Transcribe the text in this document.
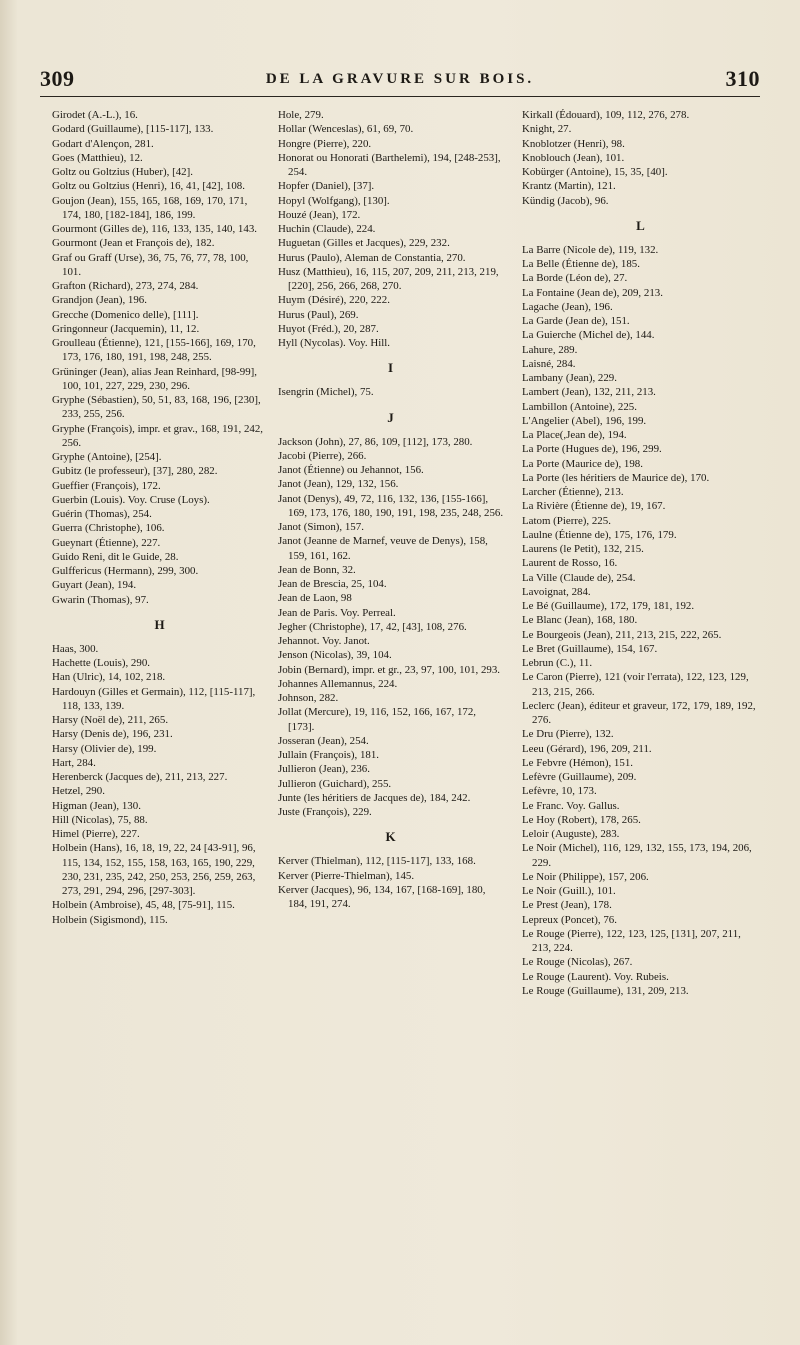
309	DE LA GRAVURE SUR BOIS.	310

Girodet (A.-L.), 16.

Godard (Guillaume), [115-117], 133.

Godart d'Alençon, 281.

Goes (Matthieu), 12.

Goltz ou Goltzius (Huber), [42].

Goltz ou Goltzius (Henri), 16, 41, [42], 108.

Goujon (Jean), 155, 165, 168, 169, 170, 171, 174, 180, [182-184], 186, 199.

Gourmont (Gilles de), 116, 133, 135, 140, 143.

Gourmont (Jean et François de), 182.

Graf ou Graff (Urse), 36, 75, 76, 77, 78, 100, 101.

Grafton (Richard), 273, 274, 284.

Grandjon (Jean), 196.

Grecche (Domenico delle), [111].

Gringonneur (Jacquemin), 11, 12.

Groulleau (Étienne), 121, [155-166], 169, 170, 173, 176, 180, 191, 198, 248, 255.

Grüninger (Jean), alias Jean Reinhard, [98-99], 100, 101, 227, 229, 230, 296.

Gryphe (Sébastien), 50, 51, 83, 168, 196, [230], 233, 255, 256.

Gryphe (François), impr. et grav., 168, 191, 242, 256.

Gryphe (Antoine), [254].

Gubitz (le professeur), [37], 280, 282.

Gueffier (François), 172.

Guerbin (Louis). Voy. Cruse (Loys).

Guérin (Thomas), 254.

Guerra (Christophe), 106.

Gueynart (Étienne), 227.

Guido Reni, dit le Guide, 28.

Gulffericus (Hermann), 299, 300.

Guyart (Jean), 194.

Gwarin (Thomas), 97.

H

Haas, 300.

Hachette (Louis), 290.

Han (Ulric), 14, 102, 218.

Hardouyn (Gilles et Germain), 112, [115-117], 118, 133, 139.

Harsy (Noël de), 211, 265.

Harsy (Denis de), 196, 231.

Harsy (Olivier de), 199.

Hart, 284.

Herenberck (Jacques de), 211, 213, 227.

Hetzel, 290.

Higman (Jean), 130.

Hill (Nicolas), 75, 88.

Himel (Pierre), 227.

Holbein (Hans), 16, 18, 19, 22, 24 [43-91], 96, 115, 134, 152, 155, 158, 163, 165, 190, 229, 230, 231, 235, 242, 250, 253, 256, 259, 263, 273, 291, 294, 296, [297-303].

Holbein (Ambroise), 45, 48, [75-91], 115.

Holbein (Sigismond), 115.

Hole, 279.

Hollar (Wenceslas), 61, 69, 70.

Hongre (Pierre), 220.

Honorat ou Honorati (Barthelemi), 194, [248-253], 254.

Hopfer (Daniel), [37].

Hopyl (Wolfgang), [130].

Houzé (Jean), 172.

Huchin (Claude), 224.

Huguetan (Gilles et Jacques), 229, 232.

Hurus (Paulo), Aleman de Constantia, 270.

Husz (Matthieu), 16, 115, 207, 209, 211, 213, 219, [220], 256, 266, 268, 270.

Huym (Désiré), 220, 222.

Hurus (Paul), 269.

Huyot (Fréd.), 20, 287.

Hyll (Nycolas). Voy. Hill.

I

Isengrin (Michel), 75.

J

Jackson (John), 27, 86, 109, [112], 173, 280.

Jacobi (Pierre), 266.

Janot (Étienne) ou Jehannot, 156.

Janot (Jean), 129, 132, 156.

Janot (Denys), 49, 72, 116, 132, 136, [155-166], 169, 173, 176, 180, 190, 191, 198, 235, 248, 256.

Janot (Simon), 157.

Janot (Jeanne de Marnef, veuve de Denys), 158, 159, 161, 162.

Jean de Bonn, 32.

Jean de Brescia, 25, 104.

Jean de Laon, 98

Jean de Paris. Voy. Perreal.

Jegher (Christophe), 17, 42, [43], 108, 276.

Jehannot. Voy. Janot.

Jenson (Nicolas), 39, 104.

Jobin (Bernard), impr. et gr., 23, 97, 100, 101, 293.

Johannes Allemannus, 224.

Johnson, 282.

Jollat (Mercure), 19, 116, 152, 166, 167, 172, [173].

Josseran (Jean), 254.

Jullain (François), 181.

Jullieron (Jean), 236.

Jullieron (Guichard), 255.

Junte (les héritiers de Jacques de), 184, 242.

Juste (François), 229.

K

Kerver (Thielman), 112, [115-117], 133, 168.

Kerver (Pierre-Thielman), 145.

Kerver (Jacques), 96, 134, 167, [168-169], 180, 184, 191, 274.

Kirkall (Édouard), 109, 112, 276, 278.

Knight, 27.

Knoblotzer (Henri), 98.

Knoblouch (Jean), 101.

Kobürger (Antoine), 15, 35, [40].

Krantz (Martin), 121.

Kündig (Jacob), 96.

L

La Barre (Nicole de), 119, 132.

La Belle (Étienne de), 185.

La Borde (Léon de), 27.

La Fontaine (Jean de), 209, 213.

Lagache (Jean), 196.

La Garde (Jean de), 151.

La Guierche (Michel de), 144.

Lahure, 289.

Laisné, 284.

Lambany (Jean), 229.

Lambert (Jean), 132, 211, 213.

Lambillon (Antoine), 225.

L'Angelier (Abel), 196, 199.

La Place(,Jean de), 194.

La Porte (Hugues de), 196, 299.

La Porte (Maurice de), 198.

La Porte (les héritiers de Maurice de), 170.

Larcher (Étienne), 213.

La Rivière (Étienne de), 19, 167.

Latom (Pierre), 225.

Laulne (Étienne de), 175, 176, 179.

Laurens (le Petit), 132, 215.

Laurent de Rosso, 16.

La Ville (Claude de), 254.

Lavoignat, 284.

Le Bé (Guillaume), 172, 179, 181, 192.

Le Blanc (Jean), 168, 180.

Le Bourgeois (Jean), 211, 213, 215, 222, 265.

Le Bret (Guillaume), 154, 167.

Lebrun (C.), 11.

Le Caron (Pierre), 121 (voir l'errata), 122, 123, 129, 213, 215, 266.

Leclerc (Jean), éditeur et graveur, 172, 179, 189, 192, 276.

Le Dru (Pierre), 132.

Leeu (Gérard), 196, 209, 211.

Le Febvre (Hémon), 151.

Lefèvre (Guillaume), 209.

Lefèvre, 10, 173.

Le Franc. Voy. Gallus.

Le Hoy (Robert), 178, 265.

Leloir (Auguste), 283.

Le Noir (Michel), 116, 129, 132, 155, 173, 194, 206, 229.

Le Noir (Philippe), 157, 206.

Le Noir (Guill.), 101.

Le Prest (Jean), 178.

Lepreux (Poncet), 76.

Le Rouge (Pierre), 122, 123, 125, [131], 207, 211, 213, 224.

Le Rouge (Nicolas), 267.

Le Rouge (Laurent). Voy. Rubeis.

Le Rouge (Guillaume), 131, 209, 213.
